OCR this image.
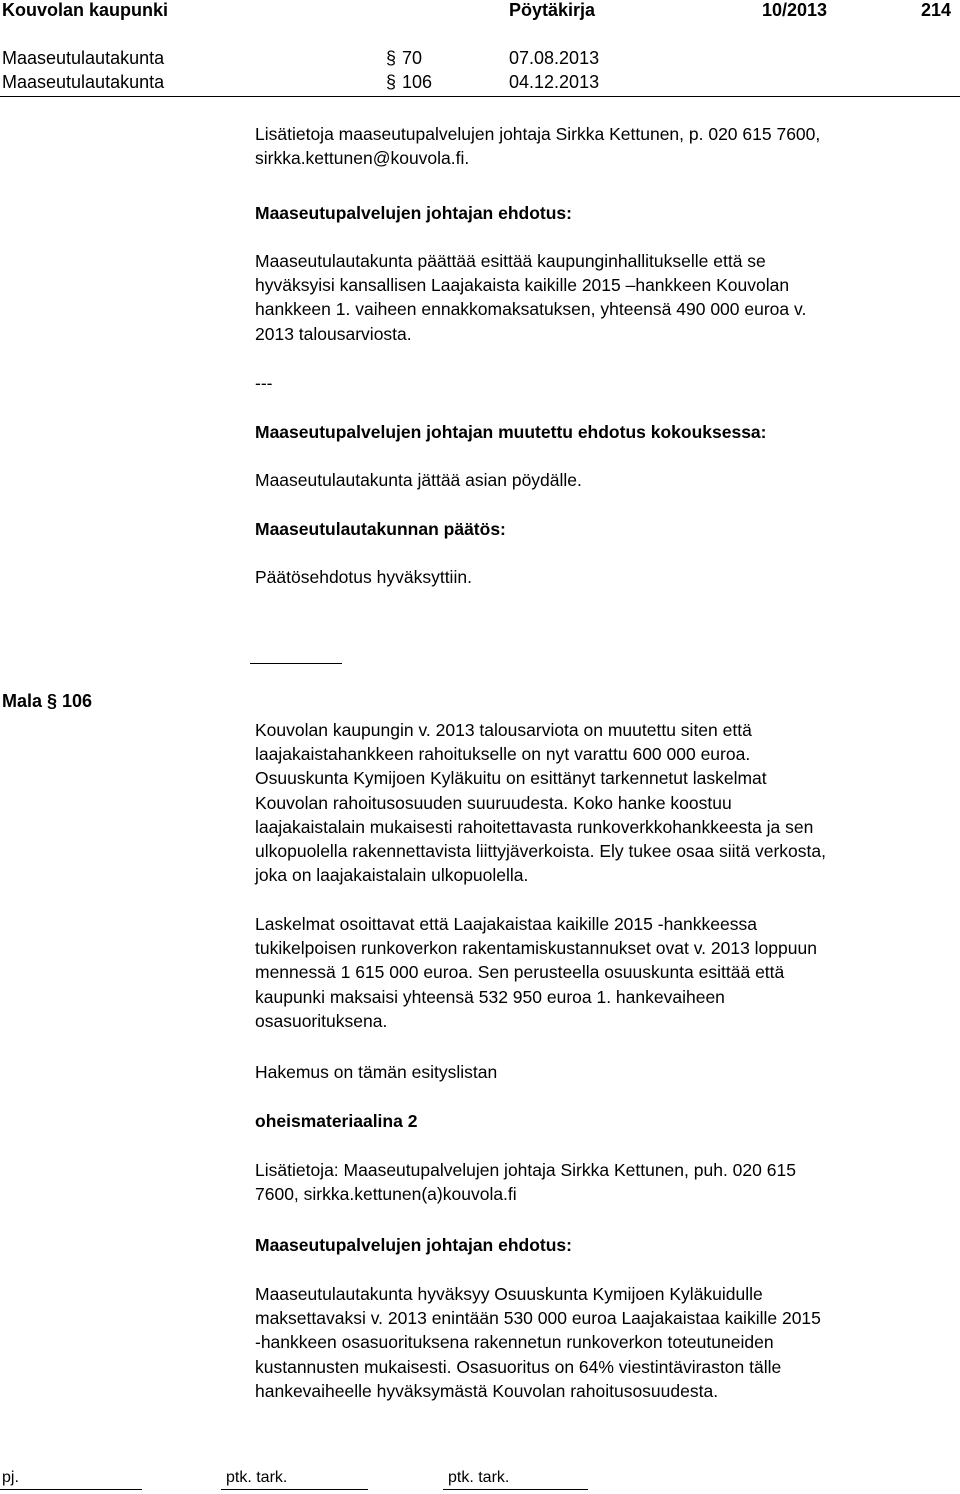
Kouvolan kaupunki	Pöytäkirja	10/2013	214
Maaseutulautakunta	§ 70	07.08.2013
Maaseutulautakunta	§ 106	04.12.2013
Lisätietoja maaseutupalvelujen johtaja Sirkka Kettunen, p. 020 615 7600,
sirkka.kettunen@kouvola.fi.
Maaseutupalvelujen johtajan ehdotus:
Maaseutulautakunta päättää esittää kaupunginhallitukselle että se
hyväksyisi kansallisen Laajakaista kaikille 2015 –hankkeen Kouvolan
hankkeen 1. vaiheen ennakkomaksatuksen, yhteensä 490 000 euroa v.
2013 talousarviosta.
---
Maaseutupalvelujen johtajan muutettu ehdotus kokouksessa:
Maaseutulautakunta jättää asian pöydälle.
Maaseutulautakunnan päätös:
Päätösehdotus hyväksyttiin.
Mala § 106
Kouvolan kaupungin v. 2013 talousarviota on muutettu siten että
laajakaistahankkeen rahoitukselle on nyt varattu 600 000 euroa.
Osuuskunta Kymijoen Kyläkuitu on esittänyt tarkennetut laskelmat
Kouvolan rahoitusosuuden suuruudesta. Koko hanke koostuu
laajakaistalain mukaisesti rahoitettavasta runkoverkkohankkeesta ja sen
ulkopuolella rakennettavista liittyjäverkoista. Ely tukee osaa siitä verkosta,
joka on laajakaistalain ulkopuolella.
Laskelmat osoittavat että Laajakaistaa kaikille 2015 -hankkeessa
tukikelpoisen runkoverkon rakentamiskustannukset ovat v. 2013 loppuun
mennessä 1 615 000 euroa. Sen perusteella osuuskunta esittää että
kaupunki maksaisi yhteensä 532 950 euroa 1. hankevaiheen
osasuorituksena.
Hakemus on tämän esityslistan
oheismateriaalina 2
Lisätietoja: Maaseutupalvelujen johtaja Sirkka Kettunen, puh. 020 615
7600, sirkka.kettunen(a)kouvola.fi
Maaseutupalvelujen johtajan ehdotus:
Maaseutulautakunta hyväksyy Osuuskunta Kymijoen Kyläkuidulle
maksettavaksi v. 2013 enintään 530 000 euroa Laajakaistaa kaikille 2015
-hankkeen osasuorituksena rakennetun runkoverkon toteutuneiden
kustannusten mukaisesti. Osasuoritus on 64% viestintäviraston tälle
hankevaiheelle hyväksymästä Kouvolan rahoitusosuudesta.
pj.	ptk. tark.	ptk. tark.
